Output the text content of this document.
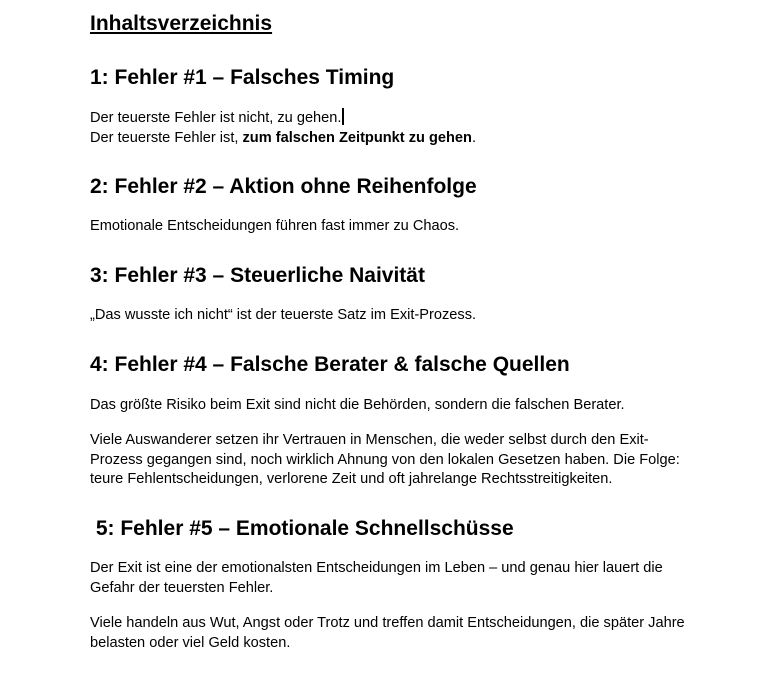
Inhaltsverzeichnis
1: Fehler #1 – Falsches Timing

Der teuerste Fehler ist nicht, zu gehen.
Der teuerste Fehler ist, zum falschen Zeitpunkt zu gehen.

2: Fehler #2 – Aktion ohne Reihenfolge

Emotionale Entscheidungen führen fast immer zu Chaos.

3: Fehler #3 – Steuerliche Naivität

„Das wusste ich nicht“ ist der teuerste Satz im Exit-Prozess.

4: Fehler #4 – Falsche Berater & falsche Quellen

Das größte Risiko beim Exit sind nicht die Behörden, sondern die falschen Berater.

Viele Auswanderer setzen ihr Vertrauen in Menschen, die weder selbst durch den Exit-Prozess gegangen sind, noch wirklich Ahnung von den lokalen Gesetzen haben. Die Folge: teure Fehlentscheidungen, verlorene Zeit und oft jahrelange Rechtsstreitigkeiten.

5: Fehler #5 – Emotionale Schnellschüsse

Der Exit ist eine der emotionalsten Entscheidungen im Leben – und genau hier lauert die Gefahr der teuersten Fehler.

Viele handeln aus Wut, Angst oder Trotz und treffen damit Entscheidungen, die später Jahre belasten oder viel Geld kosten.
